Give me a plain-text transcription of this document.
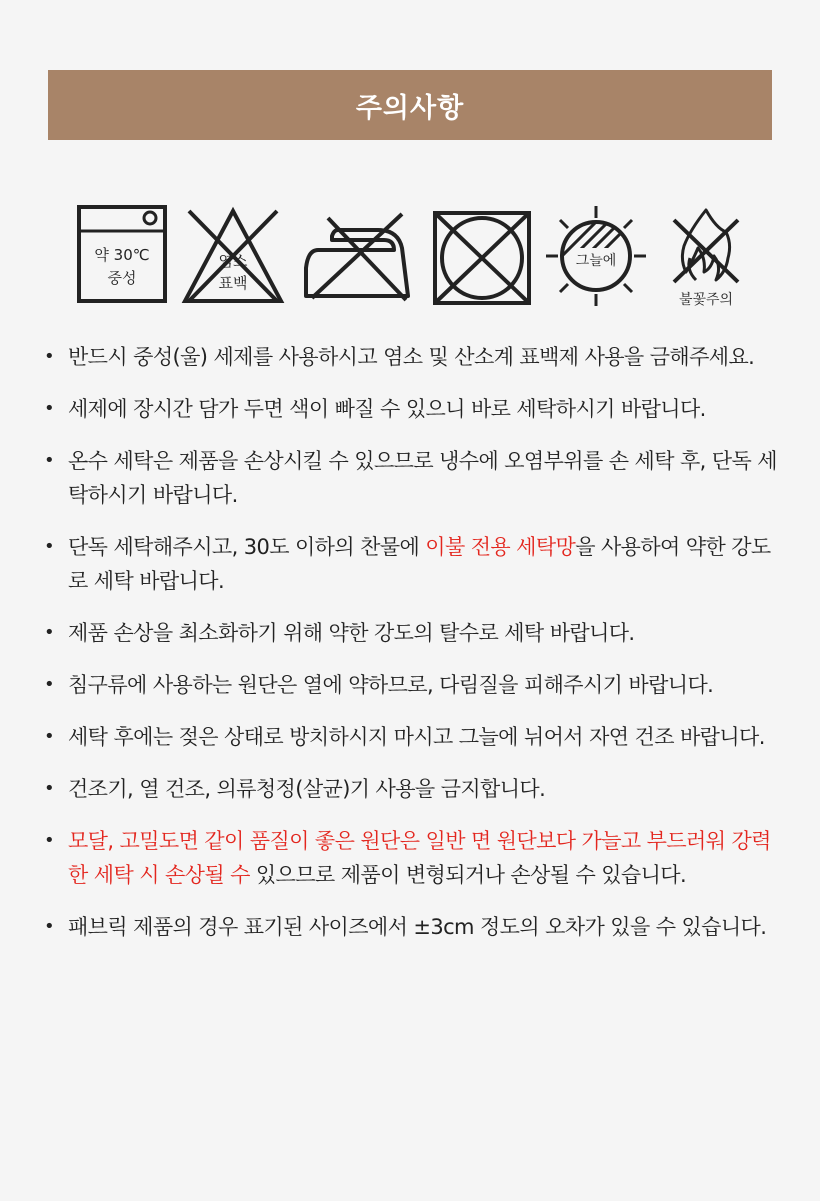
주의사항
약 30℃
중성
염소
표백
그늘에
불꽃주의
• 반드시 중성(울) 세제를 사용하시고 염소 및 산소계 표백제 사용을 금해주세요.
• 세제에 장시간 담가 두면 색이 빠질 수 있으니 바로 세탁하시기 바랍니다.
• 온수 세탁은 제품을 손상시킬 수 있으므로 냉수에 오염부위를 손 세탁 후, 단독 세탁하시기 바랍니다.
• 단독 세탁해주시고, 30도 이하의 찬물에 이불 전용 세탁망을 사용하여 약한 강도로 세탁 바랍니다.
• 제품 손상을 최소화하기 위해 약한 강도의 탈수로 세탁 바랍니다.
• 침구류에 사용하는 원단은 열에 약하므로, 다림질을 피해주시기 바랍니다.
• 세탁 후에는 젖은 상태로 방치하시지 마시고 그늘에 뉘어서 자연 건조 바랍니다.
• 건조기, 열 건조, 의류청정(살균)기 사용을 금지합니다.
• 모달, 고밀도면 같이 품질이 좋은 원단은 일반 면 원단보다 가늘고 부드러워 강력한 세탁 시 손상될 수 있으므로 제품이 변형되거나 손상될 수 있습니다.
• 패브릭 제품의 경우 표기된 사이즈에서 ±3cm 정도의 오차가 있을 수 있습니다.
